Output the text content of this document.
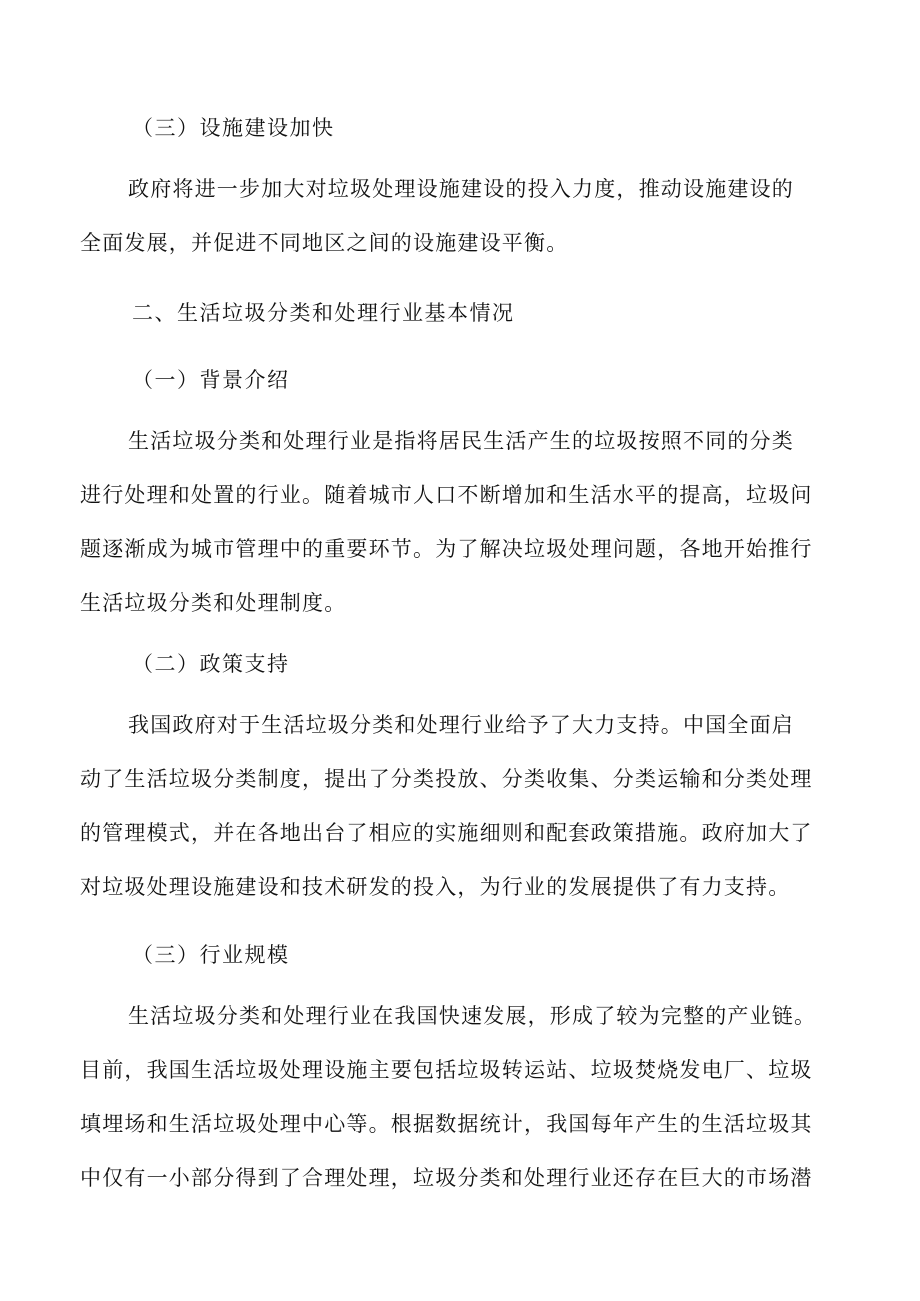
（三）设施建设加快
政府将进一步加大对垃圾处理设施建设的投入力度，推动设施建设的
全面发展，并促进不同地区之间的设施建设平衡。
二、生活垃圾分类和处理行业基本情况
（一）背景介绍
生活垃圾分类和处理行业是指将居民生活产生的垃圾按照不同的分类
进行处理和处置的行业。随着城市人口不断增加和生活水平的提高，垃圾问
题逐渐成为城市管理中的重要环节。为了解决垃圾处理问题，各地开始推行
生活垃圾分类和处理制度。
（二）政策支持
我国政府对于生活垃圾分类和处理行业给予了大力支持。中国全面启
动了生活垃圾分类制度，提出了分类投放、分类收集、分类运输和分类处理
的管理模式，并在各地出台了相应的实施细则和配套政策措施。政府加大了
对垃圾处理设施建设和技术研发的投入，为行业的发展提供了有力支持。
（三）行业规模
生活垃圾分类和处理行业在我国快速发展，形成了较为完整的产业链。
目前，我国生活垃圾处理设施主要包括垃圾转运站、垃圾焚烧发电厂、垃圾
填埋场和生活垃圾处理中心等。根据数据统计，我国每年产生的生活垃圾其
中仅有一小部分得到了合理处理，垃圾分类和处理行业还存在巨大的市场潜
